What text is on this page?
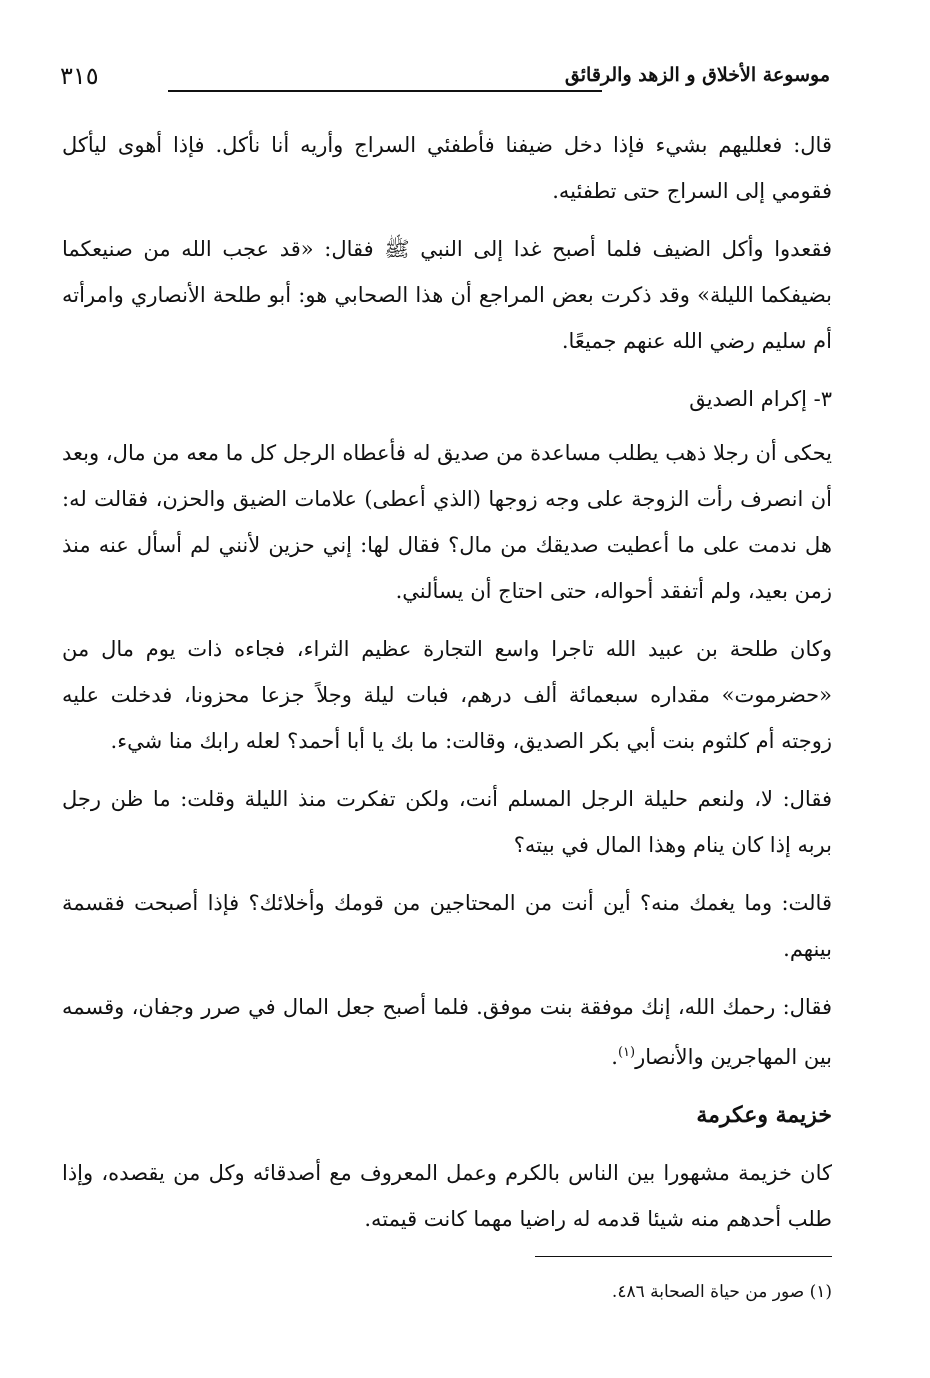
موسوعة الأخلاق و الزهد والرقائق
٣١٥

قال: فعلليهم بشيء فإذا دخل ضيفنا فأطفئي السراج وأريه أنا نأكل. فإذا أهوى ليأكل فقومي إلى السراج حتى تطفئيه.

فقعدوا وأكل الضيف فلما أصبح غدا إلى النبي ﷺ فقال: «قد عجب الله من صنيعكما بضيفكما الليلة» وقد ذكرت بعض المراجع أن هذا الصحابي هو: أبو طلحة الأنصاري وامرأته أم سليم رضي الله عنهم جميعًا.

٣- إكرام الصديق

يحكى أن رجلا ذهب يطلب مساعدة من صديق له فأعطاه الرجل كل ما معه من مال، وبعد أن انصرف رأت الزوجة على وجه زوجها (الذي أعطى) علامات الضيق والحزن، فقالت له: هل ندمت على ما أعطيت صديقك من مال؟ فقال لها: إني حزين لأنني لم أسأل عنه منذ زمن بعيد، ولم أتفقد أحواله، حتى احتاج أن يسألني.

وكان طلحة بن عبيد الله تاجرا واسع التجارة عظيم الثراء، فجاءه ذات يوم مال من «حضرموت» مقداره سبعمائة ألف درهم، فبات ليلة وجلاً جزعا محزونا، فدخلت عليه زوجته أم كلثوم بنت أبي بكر الصديق، وقالت: ما بك يا أبا أحمد؟ لعله رابك منا شيء.

فقال: لا، ولنعم حليلة الرجل المسلم أنت، ولكن تفكرت منذ الليلة وقلت: ما ظن رجل بربه إذا كان ينام وهذا المال في بيته؟

قالت: وما يغمك منه؟ أين أنت من المحتاجين من قومك وأخلائك؟ فإذا أصبحت فقسمة بينهم.

فقال: رحمك الله، إنك موفقة بنت موفق. فلما أصبح جعل المال في صرر وجفان، وقسمه بين المهاجرين والأنصار$^{(١)}$.

خزيمة وعكرمة

كان خزيمة مشهورا بين الناس بالكرم وعمل المعروف مع أصدقائه وكل من يقصده، وإذا طلب أحدهم منه شيئا قدمه له راضيا مهما كانت قيمته.

(١) صور من حياة الصحابة ٤٨٦.
